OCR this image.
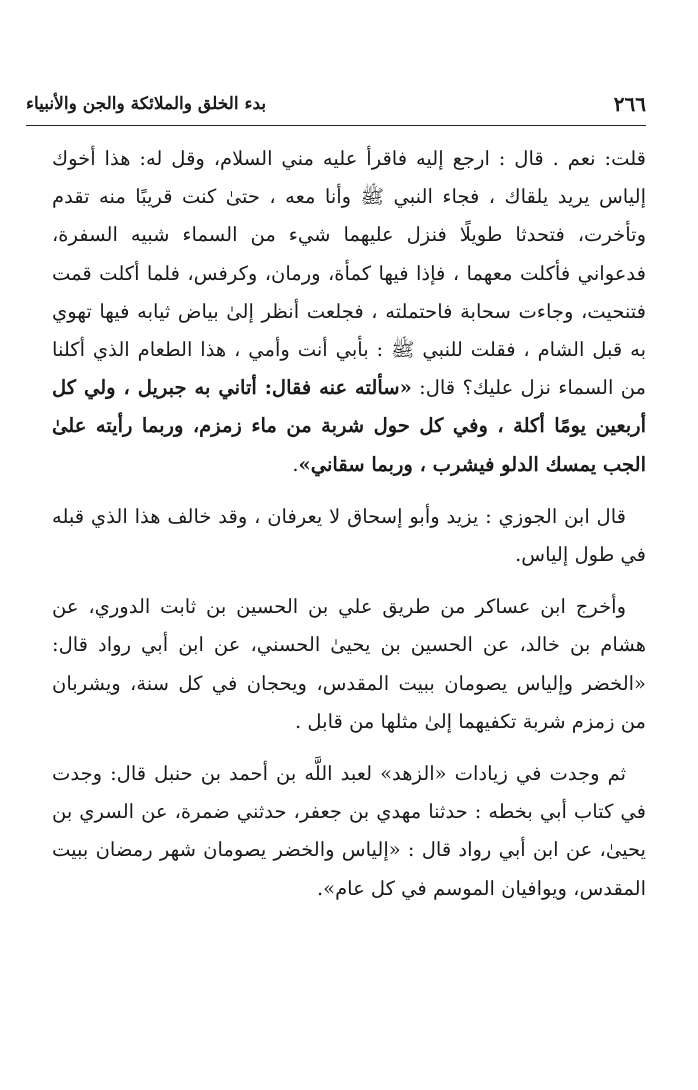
٢٦٦
بدء الخلق والملائكة والجن والأنبياء

قلت: نعم . قال : ارجع إليه فاقرأ عليه مني السلام، وقل له: هذا أخوك إلياس يريد يلقاك ، فجاء النبي ﷺ وأنا معه ، حتىٰ كنت قريبًا منه تقدم وتأخرت، فتحدثا طويلًا فنزل عليهما شيء من السماء شبيه السفرة، فدعواني فأكلت معهما ، فإذا فيها كمأة، ورمان، وكرفس، فلما أكلت قمت فتنحيت، وجاءت سحابة فاحتملته ، فجلعت أنظر إلىٰ بياض ثيابه فيها تهوي به قبل الشام ، فقلت للنبي ﷺ : بأبي أنت وأمي ، هذا الطعام الذي أكلنا من السماء نزل عليك؟ قال: «سألته عنه فقال: أتاني به جبريل ، ولي كل أربعين يومًا أكلة ، وفي كل حول شربة من ماء زمزم، وربما رأيته علىٰ الجب يمسك الدلو فيشرب ، وربما سقاني».

قال ابن الجوزي : يزيد وأبو إسحاق لا يعرفان ، وقد خالف هذا الذي قبله في طول إلياس.

وأخرج ابن عساكر من طريق علي بن الحسين بن ثابت الدوري، عن هشام بن خالد، عن الحسين بن يحيىٰ الحسني، عن ابن أبي رواد قال: «الخضر وإلياس يصومان ببيت المقدس، ويحجان في كل سنة، ويشربان من زمزم شربة تكفيهما إلىٰ مثلها من قابل .

ثم وجدت في زيادات «الزهد» لعبد اللَّه بن أحمد بن حنبل قال: وجدت في كتاب أبي بخطه : حدثنا مهدي بن جعفر، حدثني ضمرة، عن السري بن يحيىٰ، عن ابن أبي رواد قال : «إلياس والخضر يصومان شهر رمضان ببيت المقدس، ويوافيان الموسم في كل عام».
